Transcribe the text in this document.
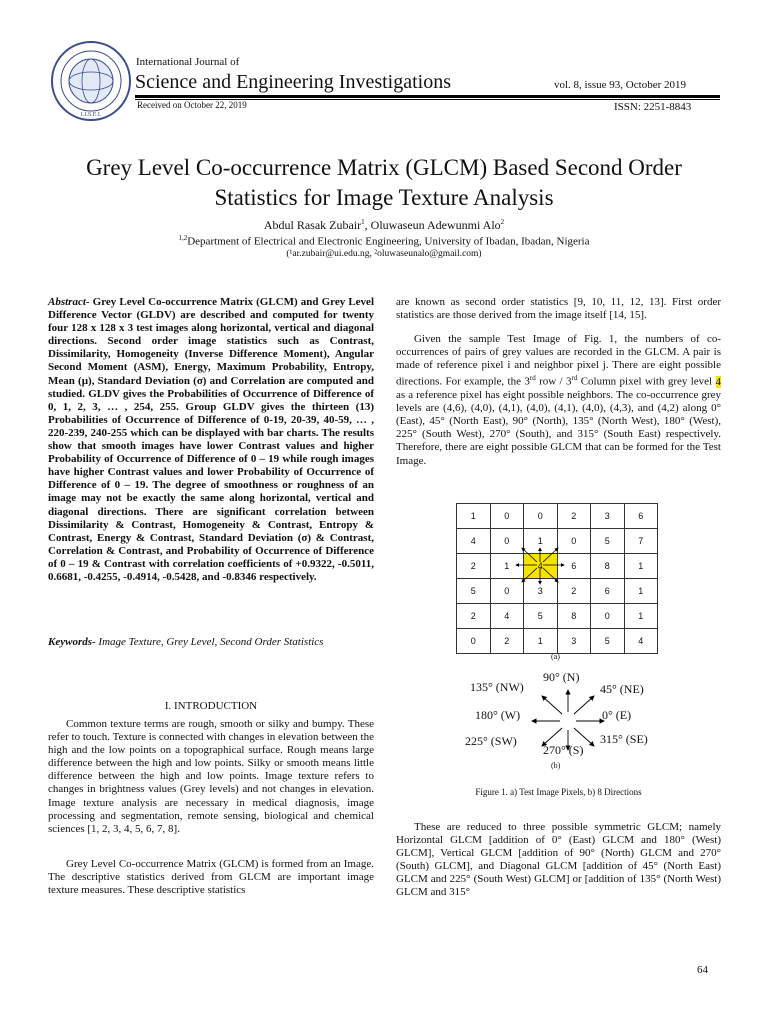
I.J.S.E.I.
International Journal of
Science and Engineering Investigations	vol. 8, issue 93, October 2019
Received on October 22, 2019	ISSN: 2251-8843
Grey Level Co-occurrence Matrix (GLCM) Based Second Order
Statistics for Image Texture Analysis
Abdul Rasak Zubair$^1$, Oluwaseun Adewunmi Alo$^2$
$^{1,2}$Department of Electrical and Electronic Engineering, University of Ibadan, Ibadan, Nigeria
(¹ar.zubair@ui.edu.ng, ²oluwaseunalo@gmail.com)

Abstract- Grey Level Co-occurrence Matrix (GLCM) and Grey Level Difference Vector (GLDV) are described and computed for twenty four 128 x 128 x 3 test images along horizontal, vertical and diagonal directions. Second order image statistics such as Contrast, Dissimilarity, Homogeneity (Inverse Difference Moment), Angular Second Moment (ASM), Energy, Maximum Probability, Entropy, Mean (µ), Standard Deviation (σ) and Correlation are computed and studied. GLDV gives the Probabilities of Occurrence of Difference of 0, 1, 2, 3, … , 254, 255. Group GLDV gives the thirteen (13) Probabilities of Occurrence of Difference of 0-19, 20-39, 40-59, … , 220-239, 240-255 which can be displayed with bar charts. The results show that smooth images have lower Contrast values and higher Probability of Occurrence of Difference of 0 – 19 while rough images have higher Contrast values and lower Probability of Occurrence of Difference of 0 – 19. The degree of smoothness or roughness of an image may not be exactly the same along horizontal, vertical and diagonal directions. There are significant correlation between Dissimilarity & Contrast, Homogeneity & Contrast, Entropy & Contrast, Energy & Contrast, Standard Deviation (σ) & Contrast, Correlation & Contrast, and Probability of Occurrence of Difference of 0 – 19 & Contrast with correlation coefficients of +0.9322, -0.5011, 0.6681, -0.4255, -0.4914, -0.5428, and -0.8346 respectively.

Keywords- Image Texture, Grey Level, Second Order Statistics

I. INTRODUCTION

Common texture terms are rough, smooth or silky and bumpy. These refer to touch. Texture is connected with changes in elevation between the high and the low points on a topographical surface. Rough means large difference between the high and low points. Silky or smooth means little difference between the high and low points. Image texture refers to changes in brightness values (Grey levels) and not changes in elevation. Image texture analysis are necessary in medical diagnosis, image processing and segmentation, remote sensing, biological and chemical sciences [1, 2, 3, 4, 5, 6, 7, 8].

Grey Level Co-occurrence Matrix (GLCM) is formed from an Image. The descriptive statistics derived from GLCM are important image texture measures. These descriptive statistics

are known as second order statistics [9, 10, 11, 12, 13]. First order statistics are those derived from the image itself [14, 15].

Given the sample Test Image of Fig. 1, the numbers of co-occurrences of pairs of grey values are recorded in the GLCM. A pair is made of reference pixel i and neighbor pixel j. There are eight possible directions. For example, the 3rd row / 3rd Column pixel with grey level 4 as a reference pixel has eight possible neighbors. The co-occurrence grey levels are (4,6), (4,0), (4,1), (4,0), (4,1), (4,0), (4,3), and (4,2) along 0° (East), 45° (North East), 90° (North), 135° (North West), 180° (West), 225° (South West), 270° (South), and 315° (South East) respectively. Therefore, there are eight possible GLCM that can be formed for the Test Image.

1	0	0	2	3	6
4	0	1	0	5	7
2	1	4	6	8	1
5	0	3	2	6	1
2	4	5	8	0	1
0	2	1	3	5	4
(a)
90° (N)
135° (NW)	45° (NE)
180° (W)	0° (E)
225° (SW)	315° (SE)
270° (S)
(b)
Figure 1. a) Test Image Pixels, b) 8 Directions

These are reduced to three possible symmetric GLCM; namely Horizontal GLCM [addition of 0° (East) GLCM and 180° (West) GLCM], Vertical GLCM [addition of 90° (North) GLCM and 270° (South) GLCM], and Diagonal GLCM [addition of 45° (North East) GLCM and 225° (South West) GLCM] or [addition of 135° (North West) GLCM and 315°

64
